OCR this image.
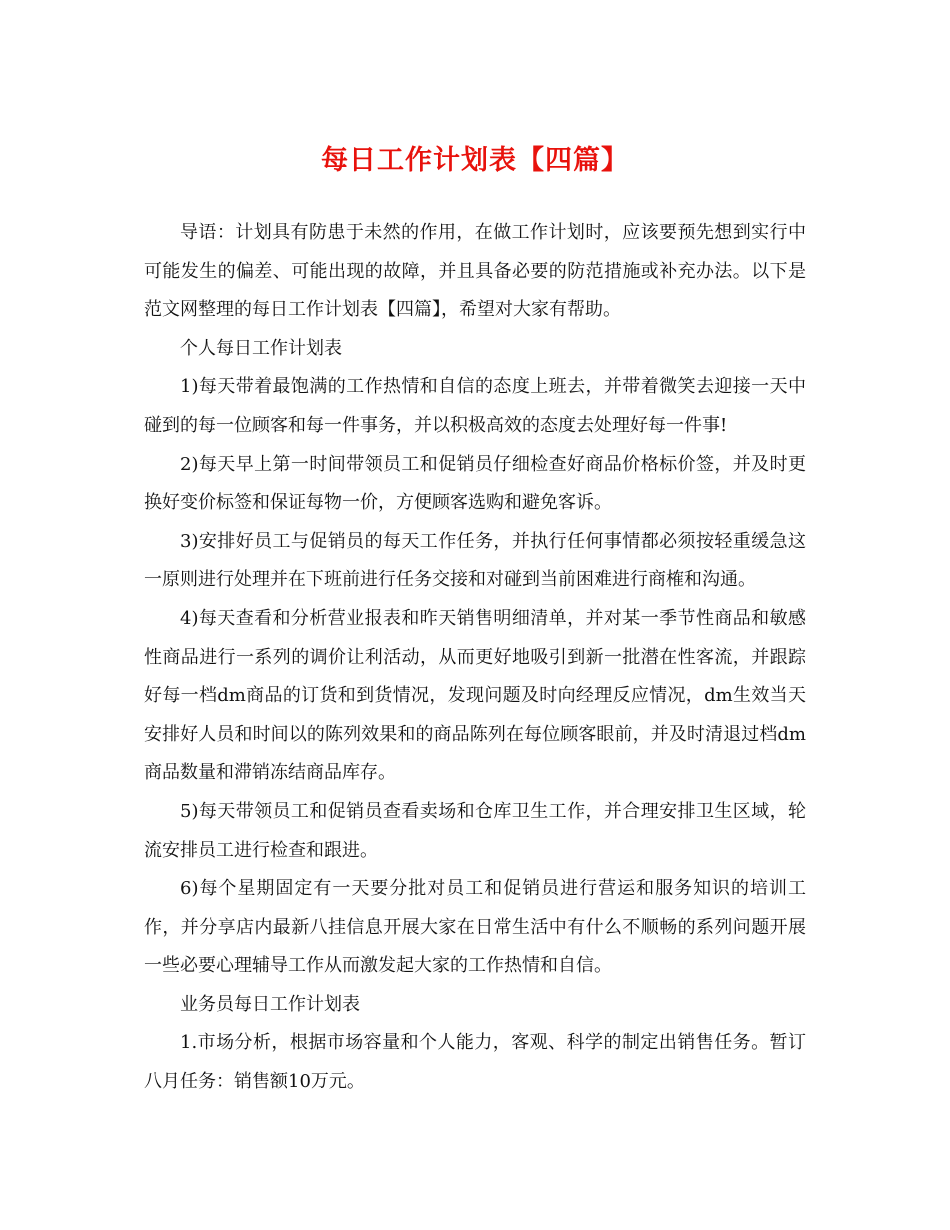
每日工作计划表【四篇】

导语：计划具有防患于未然的作用，在做工作计划时，应该要预先想到实行中可能发生的偏差、可能出现的故障，并且具备必要的防范措施或补充办法。以下是范文网整理的每日工作计划表【四篇】，希望对大家有帮助。

个人每日工作计划表

1)每天带着最饱满的工作热情和自信的态度上班去，并带着微笑去迎接一天中碰到的每一位顾客和每一件事务，并以积极高效的态度去处理好每一件事!

2)每天早上第一时间带领员工和促销员仔细检查好商品价格标价签，并及时更换好变价标签和保证每物一价，方便顾客选购和避免客诉。

3)安排好员工与促销员的每天工作任务，并执行任何事情都必须按轻重缓急这一原则进行处理并在下班前进行任务交接和对碰到当前困难进行商榷和沟通。

4)每天查看和分析营业报表和昨天销售明细清单，并对某一季节性商品和敏感性商品进行一系列的调价让利活动，从而更好地吸引到新一批潜在性客流，并跟踪好每一档dm商品的订货和到货情况，发现问题及时向经理反应情况，dm生效当天安排好人员和时间以的陈列效果和的商品陈列在每位顾客眼前，并及时清退过档dm商品数量和滞销冻结商品库存。

5)每天带领员工和促销员查看卖场和仓库卫生工作，并合理安排卫生区域，轮流安排员工进行检查和跟进。

6)每个星期固定有一天要分批对员工和促销员进行营运和服务知识的培训工作，并分享店内最新八挂信息开展大家在日常生活中有什么不顺畅的系列问题开展一些必要心理辅导工作从而激发起大家的工作热情和自信。

业务员每日工作计划表

1.市场分析，根据市场容量和个人能力，客观、科学的制定出销售任务。暂订八月任务：销售额10万元。
